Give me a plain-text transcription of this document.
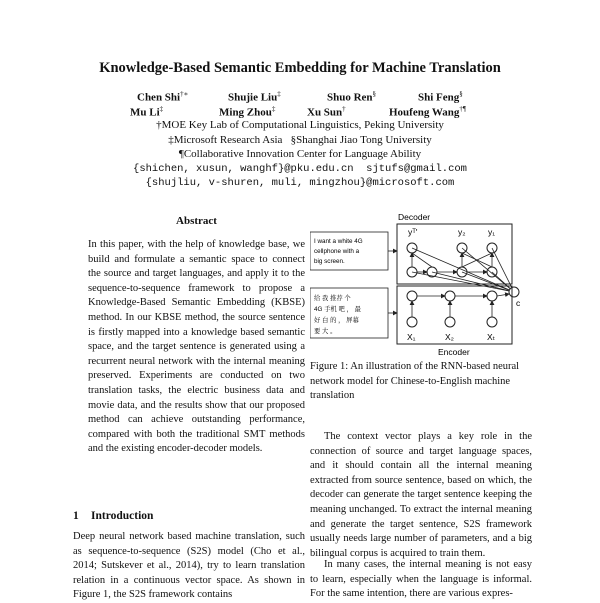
Knowledge-Based Semantic Embedding for Machine Translation
Chen Shi†∗	Shujie Liu‡	Shuo Ren§	Shi Feng§
Mu Li‡	Ming Zhou‡	Xu Sun†	Houfeng Wang†¶
†MOE Key Lab of Computational Linguistics, Peking University
‡Microsoft Research Asia   §Shanghai Jiao Tong University
¶Collaborative Innovation Center for Language Ability
{shichen, xusun, wanghf}@pku.edu.cn  sjtufs@gmail.com
{shujliu, v-shuren, muli, mingzhou}@microsoft.com
Abstract
In this paper, with the help of knowledge base, we build and formulate a semantic space to connect the source and target languages, and apply it to the sequence-to-sequence framework to propose a Knowledge-Based Semantic Embedding (KBSE) method. In our KBSE method, the source sentence is firstly mapped into a knowledge based semantic space, and the target sentence is generated using a recurrent neural network with the internal meaning preserved. Experiments are conducted on two translation tasks, the electric business data and movie data, and the results show that our proposed method can achieve outstanding performance, compared with both the traditional SMT methods and the existing encoder-decoder models.
1 Introduction
Deep neural network based machine translation, such as sequence-to-sequence (S2S) model (Cho et al., 2014; Sutskever et al., 2014), try to learn translation relation in a continuous vector space. As shown in Figure 1, the S2S framework contains
Decoder
yᵀ'	y₂	y₁
c
I want a white 4G
cellphone with a
big screen.
给 我 推荐 个
4G 手机 吧 ， 最
好 白 的 ， 屏幕
要 大 。
X₁	X₂	Xₜ
Encoder
Figure 1: An illustration of the RNN-based neural network model for Chinese-to-English machine translation

The context vector plays a key role in the connection of source and target language spaces, and it should contain all the internal meaning extracted from source sentence, based on which, the decoder can generate the target sentence keeping the meaning unchanged. To extract the internal meaning and generate the target sentence, S2S framework usually needs large number of parameters, and a big bilingual corpus is acquired to train them.

In many cases, the internal meaning is not easy to learn, especially when the language is informal. For the same intention, there are various expres-
